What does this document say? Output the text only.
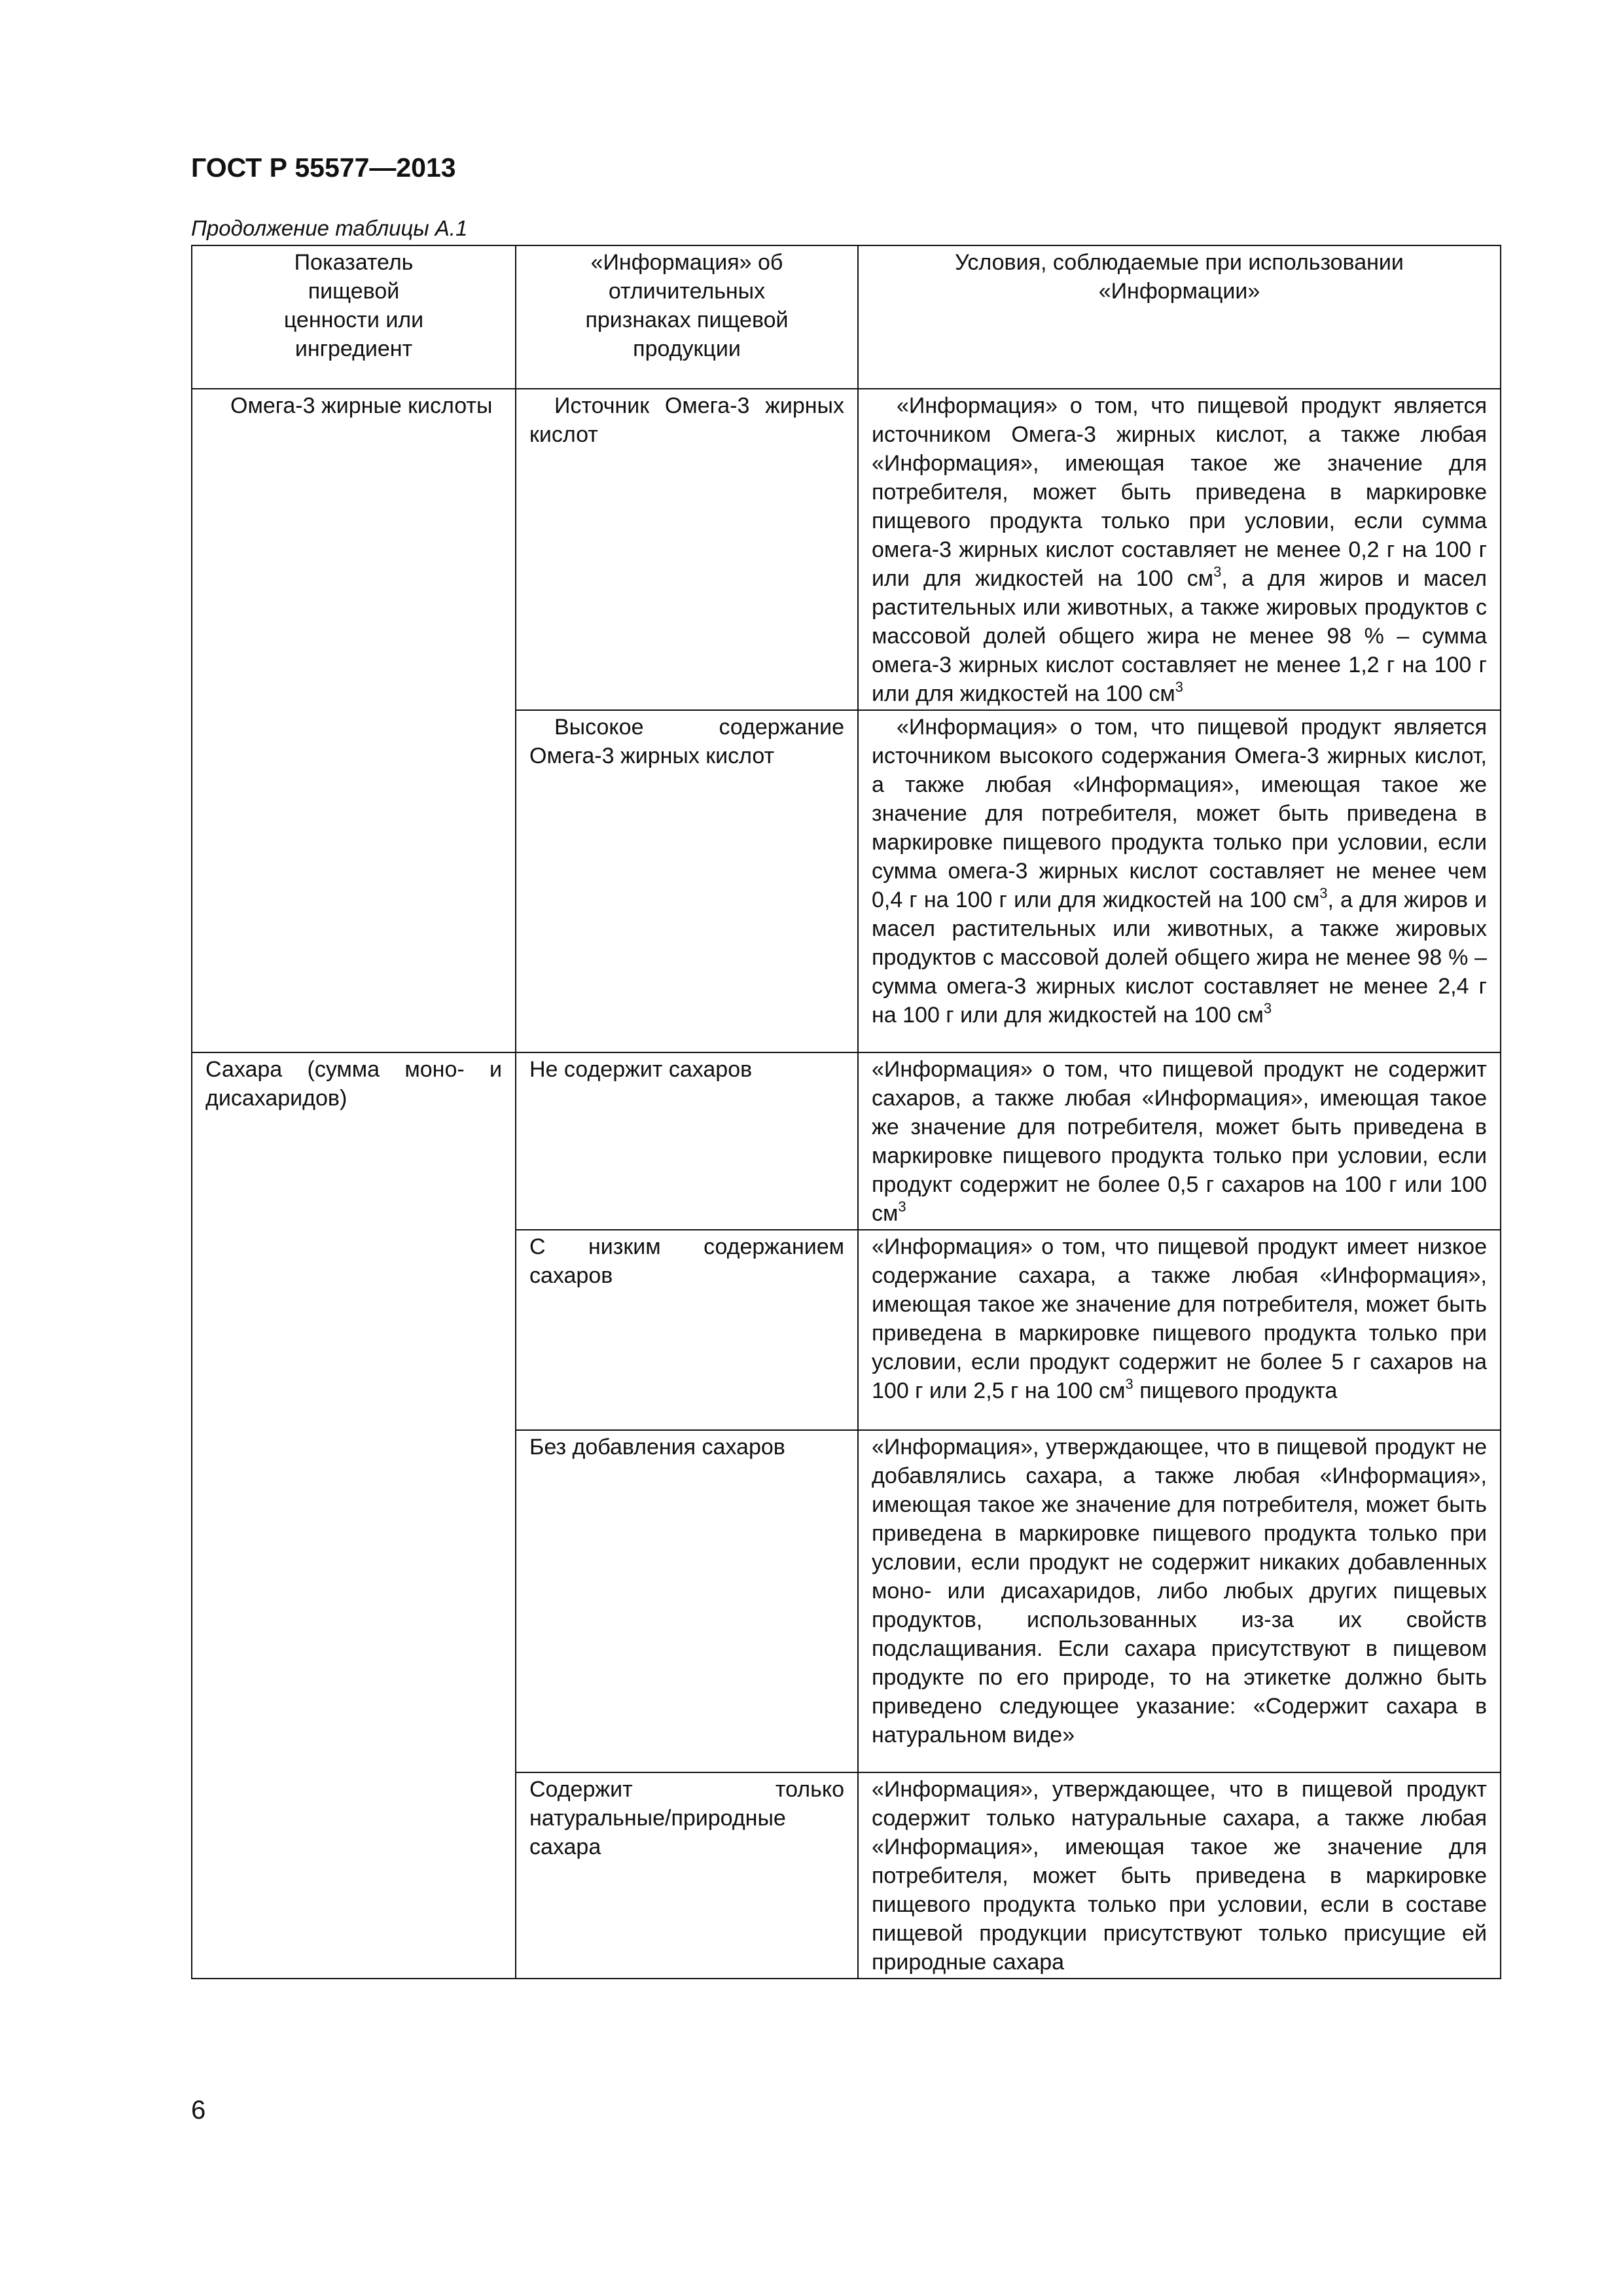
ГОСТ Р 55577—2013
Продолжение таблицы А.1
Показатель пищевой ценности или ингредиент	«Информация» об отличительных признаках пищевой продукции	Условия, соблюдаемые при использовании «Информации»
Омега-3 жирные кислоты	Источник Омега-3 жирных кислот	«Информация» о том, что пищевой продукт является источником Омега-3 жирных кислот, а также любая «Информация», имеющая такое же значение для потребителя, может быть приведена в маркировке пищевого продукта только при условии, если сумма омега-3 жирных кислот составляет не менее 0,2 г на 100 г или для жидкостей на 100 $см^3$, а для жиров и масел растительных или животных, а также жировых продуктов с массовой долей общего жира не менее 98 % – сумма омега-3 жирных кислот составляет не менее 1,2 г на 100 г или для жидкостей на 100 $см^3$
	Высокое содержание Омега-3 жирных кислот	«Информация» о том, что пищевой продукт является источником высокого содержания Омега-3 жирных кислот, а также любая «Информация», имеющая такое же значение для потребителя, может быть приведена в маркировке пищевого продукта только при условии, если сумма омега-3 жирных кислот составляет не менее чем 0,4 г на 100 г или для жидкостей на 100 $см^3$, а для жиров и масел растительных или животных, а также жировых продуктов с массовой долей общего жира не менее 98 % – сумма омега-3 жирных кислот составляет не менее 2,4 г на 100 г или для жидкостей на 100 $см^3$
Сахара (сумма моно- и дисахаридов)	Не содержит сахаров	«Информация» о том, что пищевой продукт не содержит сахаров, а также любая «Информация», имеющая такое же значение для потребителя, может быть приведена в маркировке пищевого продукта только при условии, если продукт содержит не более 0,5 г сахаров на 100 г или 100 $см^3$
	С низким содержанием сахаров	«Информация» о том, что пищевой продукт имеет низкое содержание сахара, а также любая «Информация», имеющая такое же значение для потребителя, может быть приведена в маркировке пищевого продукта только при условии, если продукт содержит не более 5 г сахаров на 100 г или 2,5 г на 100 $см^3$ пищевого продукта
	Без добавления сахаров	«Информация», утверждающее, что в пищевой продукт не добавлялись сахара, а также любая «Информация», имеющая такое же значение для потребителя, может быть приведена в маркировке пищевого продукта только при условии, если продукт не содержит никаких добавленных моно- или дисахаридов, либо любых других пищевых продуктов, использованных из-за их свойств подслащивания. Если сахара присутствуют в пищевом продукте по его природе, то на этикетке должно быть приведено следующее указание: «Содержит сахара в натуральном виде»
	Содержит только натуральные/природные сахара	«Информация», утверждающее, что в пищевой продукт содержит только натуральные сахара, а также любая «Информация», имеющая такое же значение для потребителя, может быть приведена в маркировке пищевого продукта только при условии, если в составе пищевой продукции присутствуют только присущие ей природные сахара
6
